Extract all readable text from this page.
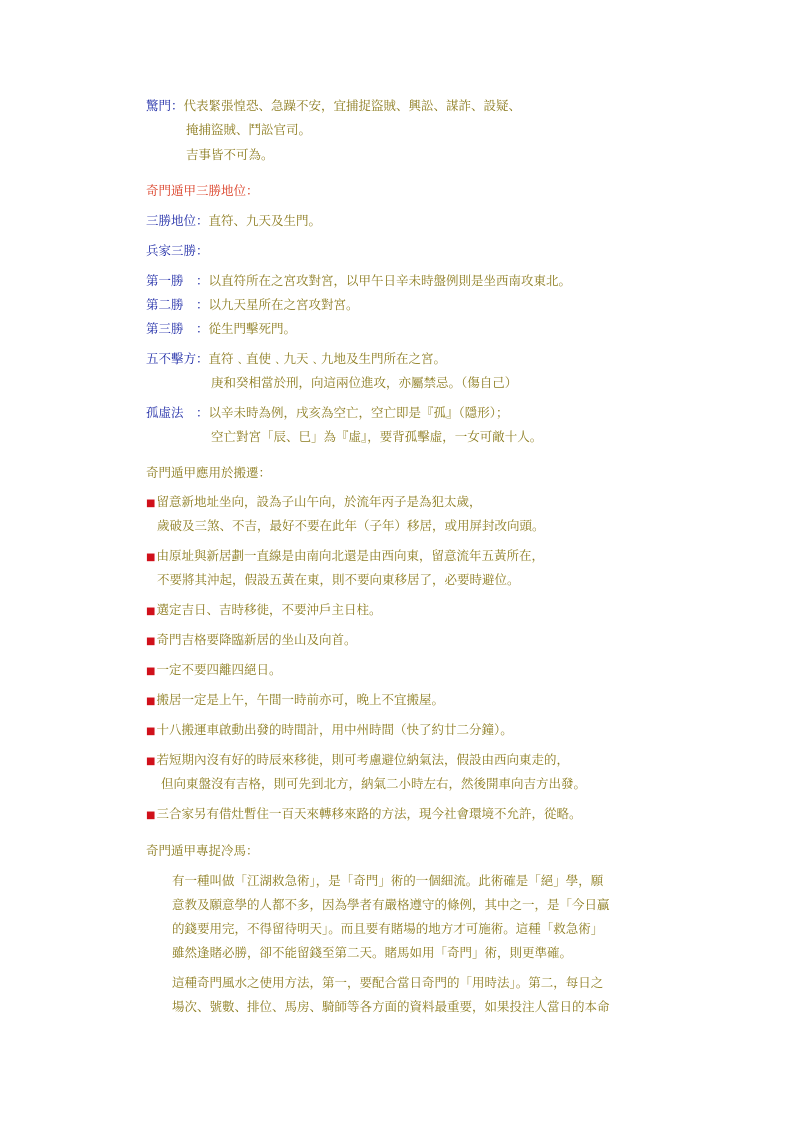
驚門：代表緊張惶恐、急躁不安，宜捕捉盜賊、興訟、謀詐、設疑、
掩捕盜賊、鬥訟官司。
吉事皆不可為。
奇門遁甲三勝地位：
三勝地位：直符、九天及生門。
兵家三勝：
第一勝　：以直符所在之宮攻對宮，以甲午日辛未時盤例則是坐西南攻東北。
第二勝　：以九天星所在之宮攻對宮。
第三勝　：從生門擊死門。
五不擊方：直符﹑直使﹑九天﹑九地及生門所在之宮。
庚和癸相當於刑，向這兩位進攻，亦屬禁忌。（傷自己）
孤虛法　：以辛未時為例，戌亥為空亡，空亡即是『孤』（隱形）；
空亡對宮「辰、巳」為『虛』，要背孤擊虛，一女可敵十人。
奇門遁甲應用於搬遷：
■留意新地址坐向，設為子山午向，於流年丙子是為犯太歲，
歲破及三煞、不吉，最好不要在此年（子年）移居，或用屏封改向頭。
■由原址與新居劃一直線是由南向北還是由西向東，留意流年五黃所在，
不要將其沖起，假設五黃在東，則不要向東移居了，必要時避位。
■選定吉日、吉時移徙，不要沖戶主日柱。
■奇門吉格要降臨新居的坐山及向首。
■一定不要四離四絕日。
■搬居一定是上午，午間一時前亦可，晚上不宜搬屋。
■十八搬運車啟動出發的時間計，用中州時間（快了約廿二分鐘）。
■若短期內沒有好的時辰來移徙，則可考慮避位納氣法，假設由西向東走的，
但向東盤沒有吉格，則可先到北方，納氣二小時左右，然後開車向吉方出發。
■三合家另有借灶暫住一百天來轉移來路的方法，現今社會環境不允許，從略。
奇門遁甲專捉冷馬：
有一種叫做「江湖救急術」，是「奇門」術的一個細流。此術確是「絕」學，願
意教及願意學的人都不多，因為學者有嚴格遵守的條例，其中之一，是「今日贏
的錢要用完，不得留待明天」。而且要有賭場的地方才可施術。這種「救急術」
雖然逢賭必勝，卻不能留錢至第二天。賭馬如用「奇門」術，則更準確。
這種奇門風水之使用方法，第一，要配合當日奇門的「用時法」。第二，每日之
場次、號數、排位、馬房、騎師等各方面的資料最重要，如果投注人當日的本命
